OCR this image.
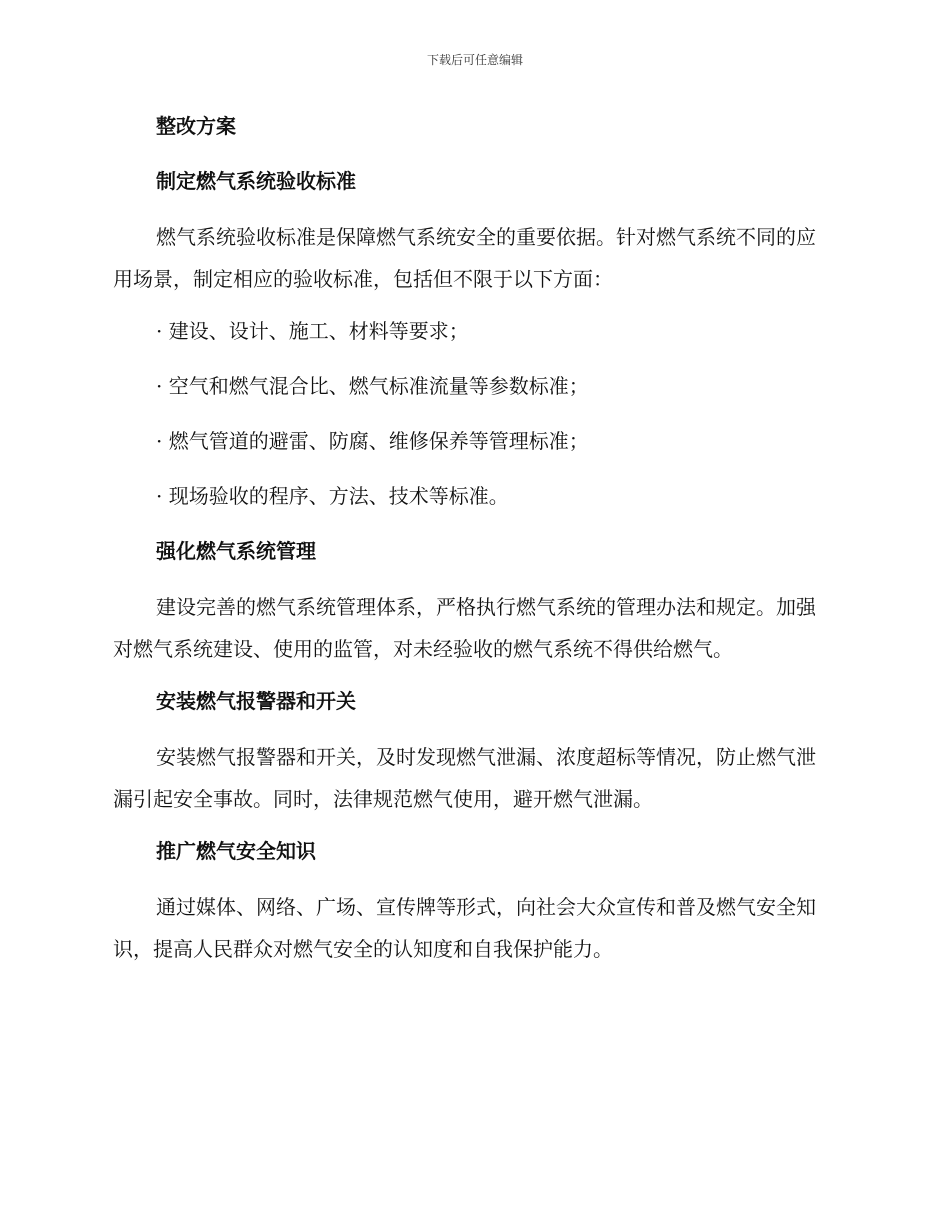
下载后可任意编辑
整改方案
制定燃气系统验收标准
燃气系统验收标准是保障燃气系统安全的重要依据。针对燃气系统不同的应用场景，制定相应的验收标准，包括但不限于以下方面：
· 建设、设计、施工、材料等要求；
· 空气和燃气混合比、燃气标准流量等参数标准；
· 燃气管道的避雷、防腐、维修保养等管理标准；
· 现场验收的程序、方法、技术等标准。
强化燃气系统管理
建设完善的燃气系统管理体系，严格执行燃气系统的管理办法和规定。加强对燃气系统建设、使用的监管，对未经验收的燃气系统不得供给燃气。
安装燃气报警器和开关
安装燃气报警器和开关，及时发现燃气泄漏、浓度超标等情况，防止燃气泄漏引起安全事故。同时，法律规范燃气使用，避开燃气泄漏。
推广燃气安全知识
通过媒体、网络、广场、宣传牌等形式，向社会大众宣传和普及燃气安全知识，提高人民群众对燃气安全的认知度和自我保护能力。
